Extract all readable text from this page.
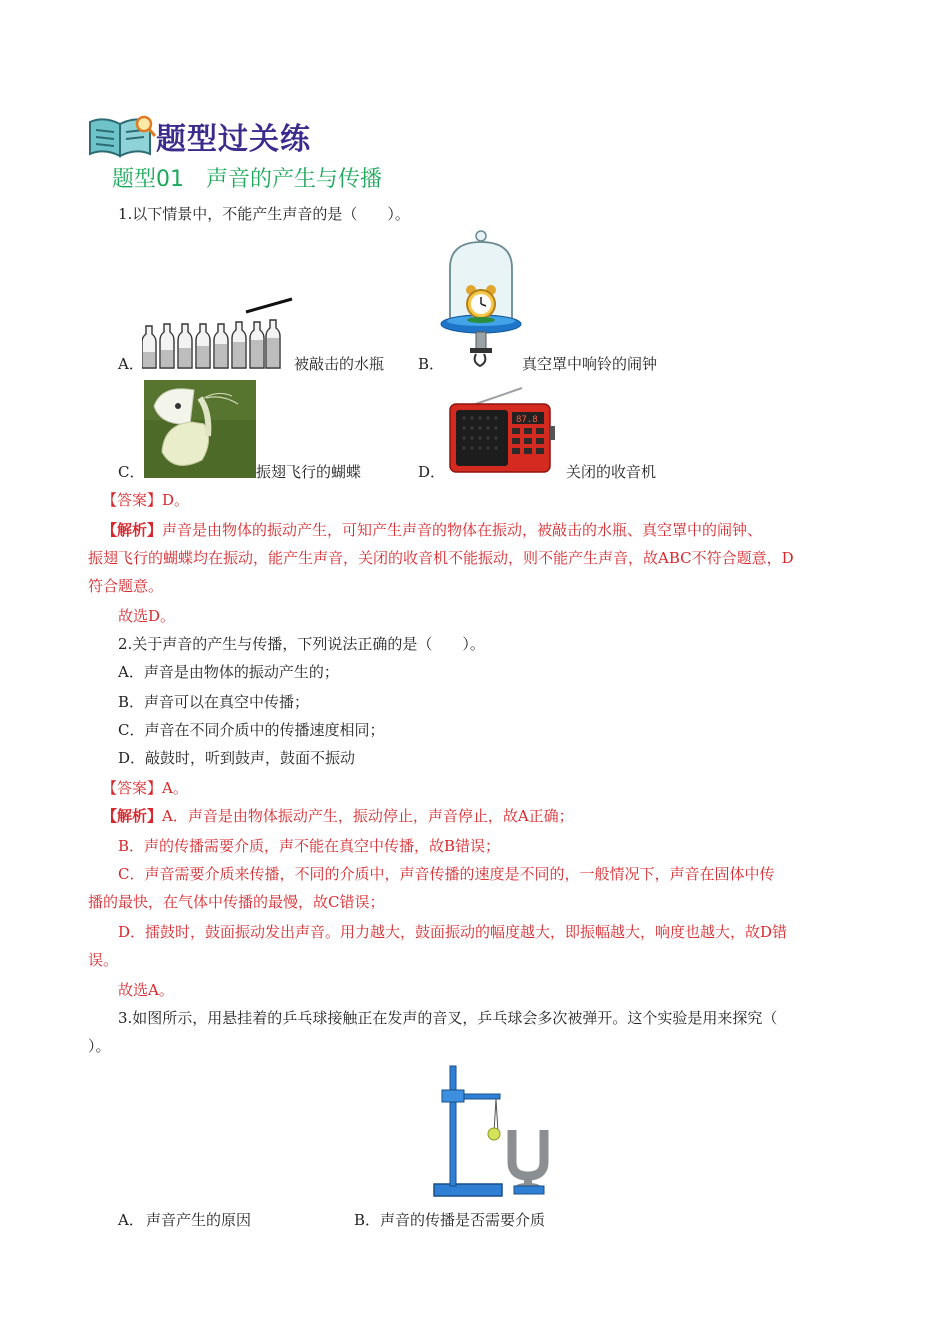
题型过关练
题型01　声音的产生与传播
1.以下情景中，不能产生声音的是（　　）。
A．	被敲击的水瓶 B．	真空罩中响铃的闹钟
C．	振翅飞行的蝴蝶
87.8
D．	关闭的收音机
【答案】D。
【解析】声音是由物体的振动产生，可知产生声音的物体在振动，被敲击的水瓶、真空罩中的闹钟、
振翅飞行的蝴蝶均在振动，能产生声音，关闭的收音机不能振动，则不能产生声音，故ABC不符合题意，D
符合题意。
故选D。
2.关于声音的产生与传播，下列说法正确的是（　　）。
A．声音是由物体的振动产生的；
B．声音可以在真空中传播；
C．声音在不同介质中的传播速度相同；
D．敲鼓时，听到鼓声，鼓面不振动
【答案】A。
【解析】A．声音是由物体振动产生，振动停止，声音停止，故A正确；
B．声的传播需要介质，声不能在真空中传播，故B错误；
C．声音需要介质来传播，不同的介质中，声音传播的速度是不同的，一般情况下，声音在固体中传
播的最快，在气体中传播的最慢，故C错误；
D．擂鼓时，鼓面振动发出声音。用力越大，鼓面振动的幅度越大，即振幅越大，响度也越大，故D错
误。
故选A。
3.如图所示，用悬挂着的乒乓球接触正在发声的音叉，乒乓球会多次被弹开。这个实验是用来探究（
）。
A． 声音产生的原因	B． 声音的传播是否需要介质
